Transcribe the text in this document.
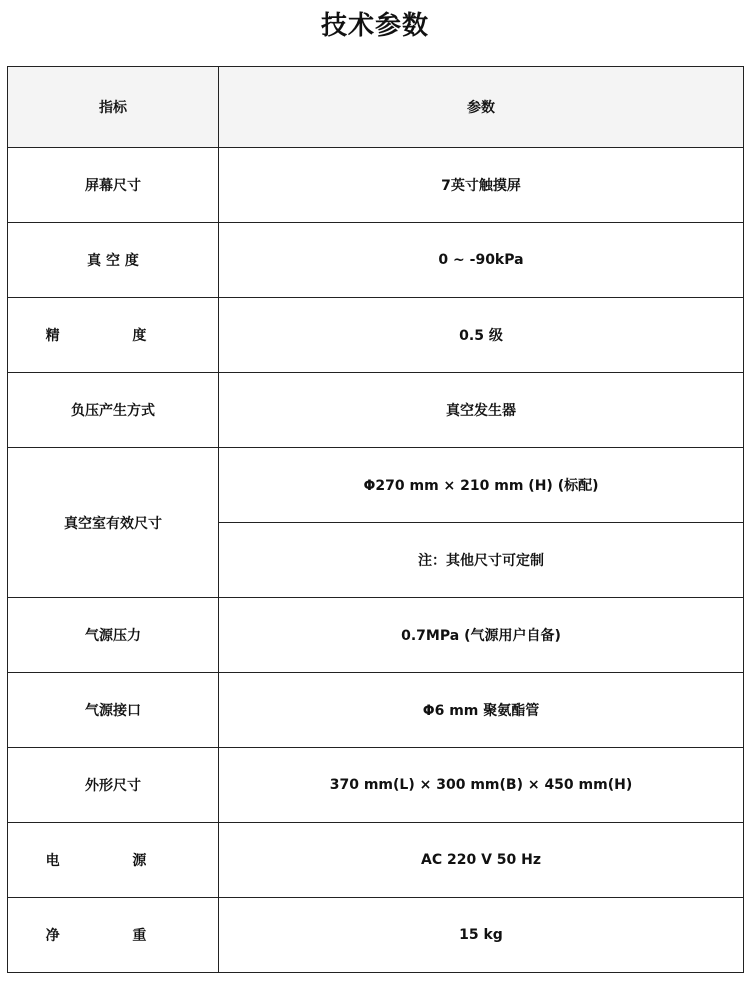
技术参数
指标	参数
屏幕尺寸	7英寸触摸屏
真 空 度	0 ~ -90kPa
精 度	0.5 级
负压产生方式	真空发生器
真空室有效尺寸	Φ270 mm × 210 mm (H) (标配)
	注：其他尺寸可定制
气源压力	0.7MPa (气源用户自备)
气源接口	Φ6 mm 聚氨酯管
外形尺寸	370 mm(L) × 300 mm(B) × 450 mm(H)
电 源	AC 220 V 50 Hz
净 重	15 kg
